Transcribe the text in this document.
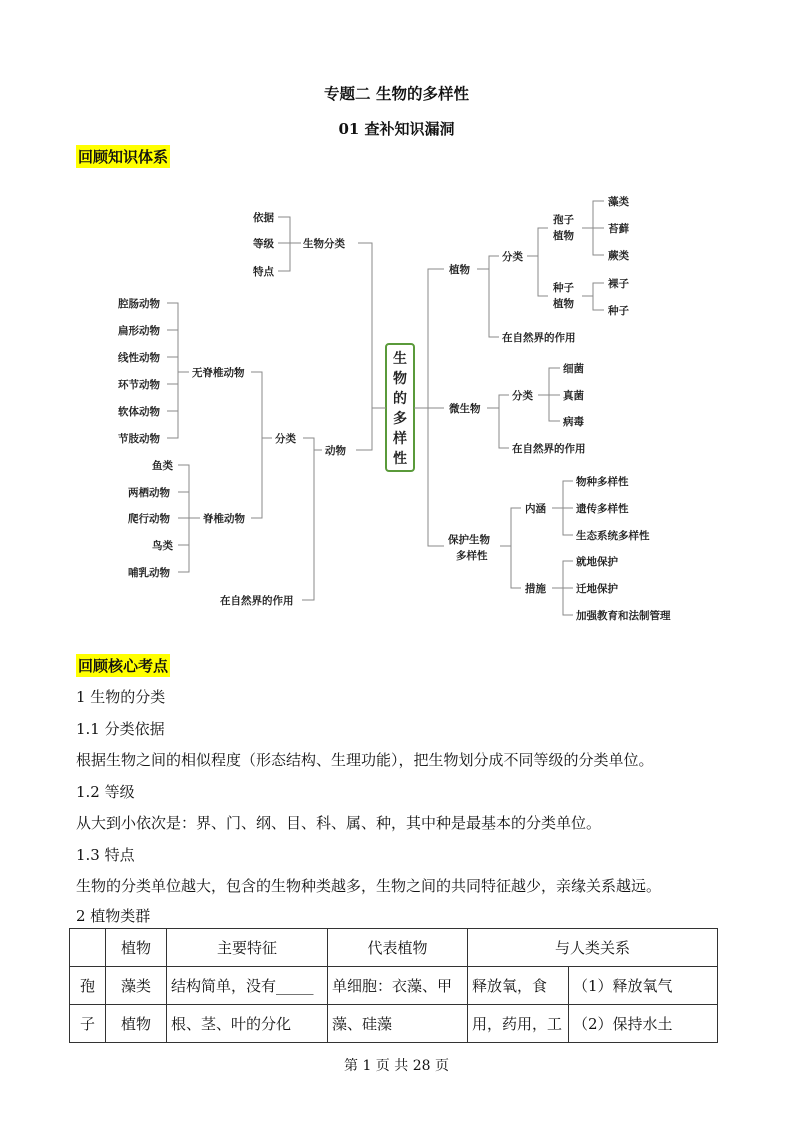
专题二 生物的多样性
01 查补知识漏洞
回顾知识体系
生
物
的
多
样
性
生物分类
依据
等级
特点
动物
分类
在自然界的作用
无脊椎动物
脊椎动物
腔肠动物
扁形动物
线性动物
环节动物
软体动物
节肢动物
鱼类
两栖动物
爬行动物
鸟类
哺乳动物
植物
分类
在自然界的作用
孢子
植物
种子
植物
藻类
苔藓
蕨类
裸子
种子
微生物
分类
在自然界的作用
细菌
真菌
病毒
保护生物
多样性
内涵
措施
物种多样性
遗传多样性
生态系统多样性
就地保护
迁地保护
加强教育和法制管理
回顾核心考点
1 生物的分类
1.1 分类依据
根据生物之间的相似程度（形态结构、生理功能），把生物划分成不同等级的分类单位。
1.2 等级
从大到小依次是：界、门、纲、目、科、属、种，其中种是最基本的分类单位。
1.3 特点
生物的分类单位越大，包含的生物种类越多，生物之间的共同特征越少，亲缘关系越远。
2 植物类群
	植物	主要特征	代表植物	与人类关系	
孢	藻类	结构简单，没有_____	单细胞：衣藻、甲	释放氧，食	（1）释放氧气
子	植物	根、茎、叶的分化	藻、硅藻	用，药用，工	（2）保持水土
第 1 页 共 28 页
